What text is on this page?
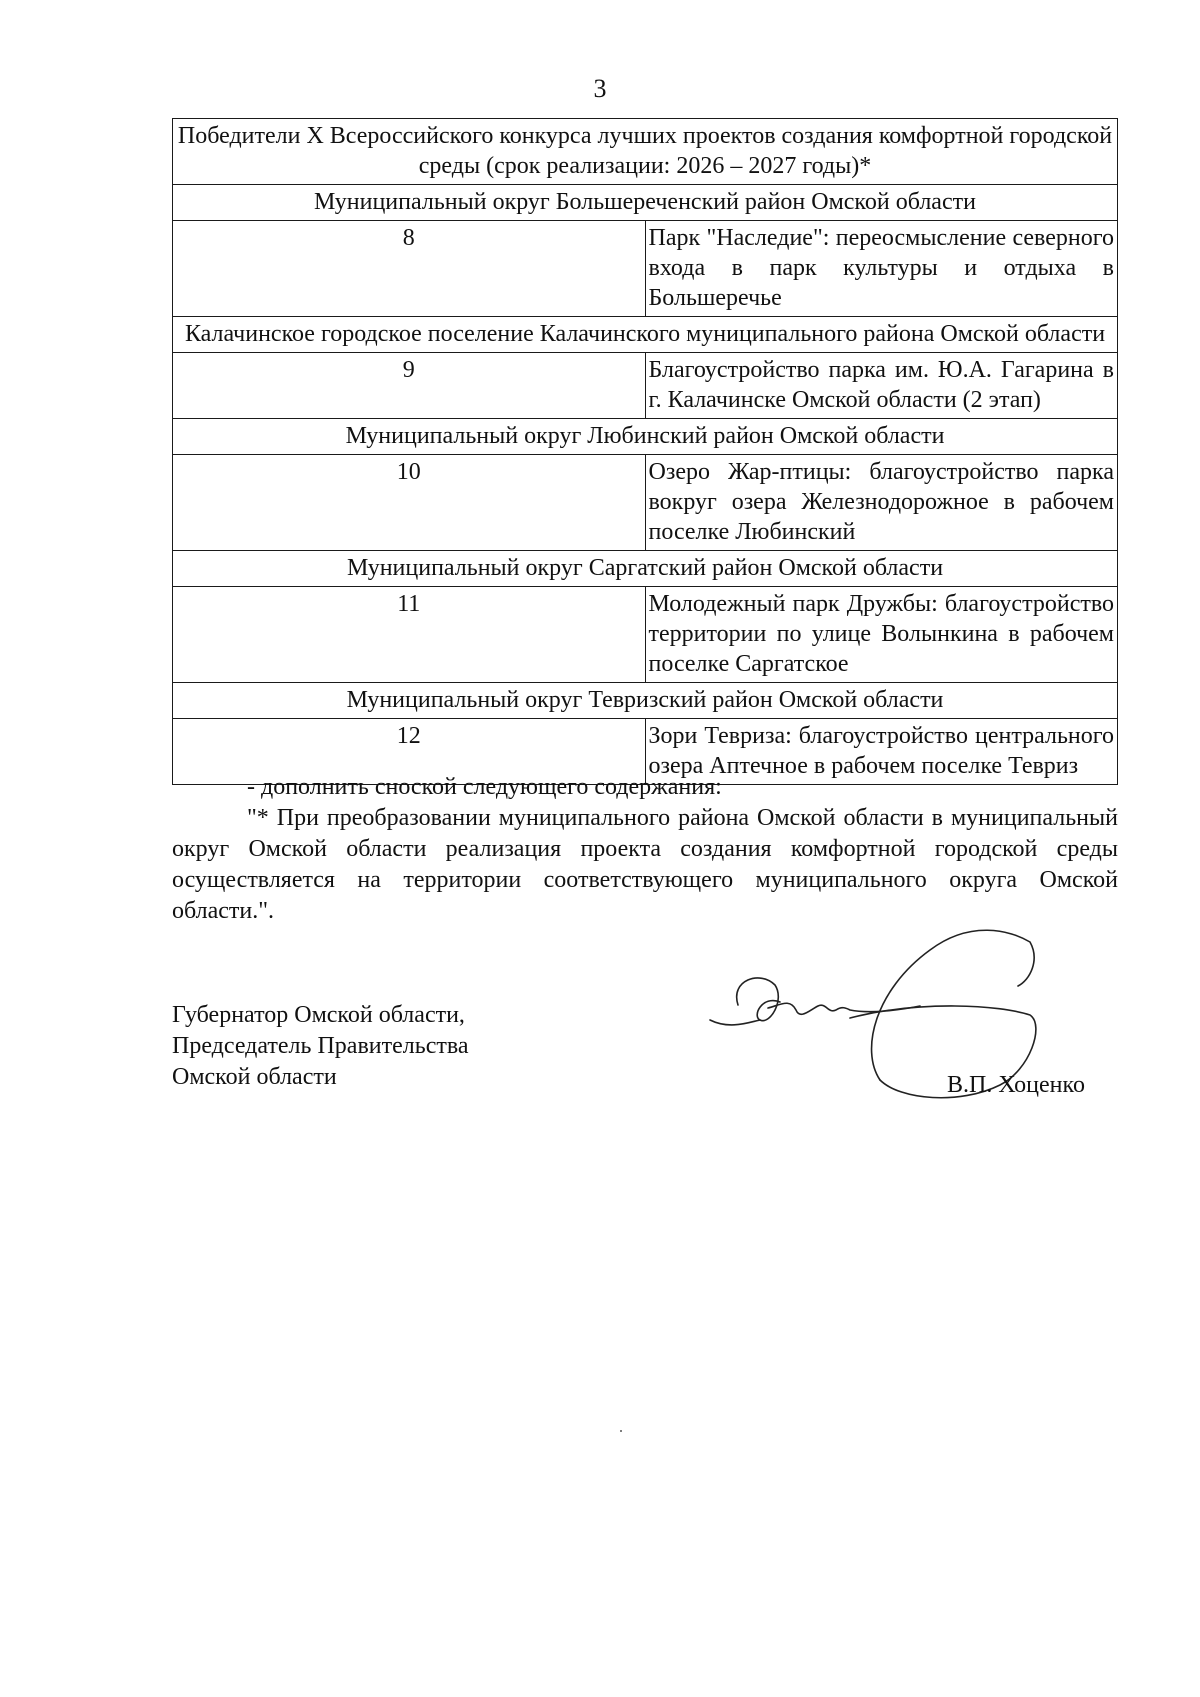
3
Победители X Всероссийского конкурса лучших проектов создания комфортной городской среды (срок реализации: 2026 – 2027 годы)*	
Муниципальный округ Большереченский район Омской области	
8	Парк "Наследие": переосмысление северного входа в парк культуры и отдыха в Большеречье
Калачинское городское поселение Калачинского муниципального района Омской области	
9	Благоустройство парка им. Ю.А. Гагарина в г. Калачинске Омской области (2 этап)
Муниципальный округ Любинский район Омской области	
10	Озеро Жар-птицы: благоустройство парка вокруг озера Железнодорожное в рабочем поселке Любинский
Муниципальный округ Саргатский район Омской области	
11	Молодежный парк Дружбы: благоустройство территории по улице Волынкина в рабочем поселке Саргатское
Муниципальный округ Тевризский район Омской области	
12	Зори Тевриза: благоустройство центрального озера Аптечное в рабочем поселке Тевриз
- дополнить сноской следующего содержания:
"* При преобразовании муниципального района Омской области в муниципальный округ Омской области реализация проекта создания комфортной городской среды осуществляется на территории соответствующего муниципального округа Омской области.".
Губернатор Омской области,
Председатель Правительства
Омской области	В.П. Хоценко
